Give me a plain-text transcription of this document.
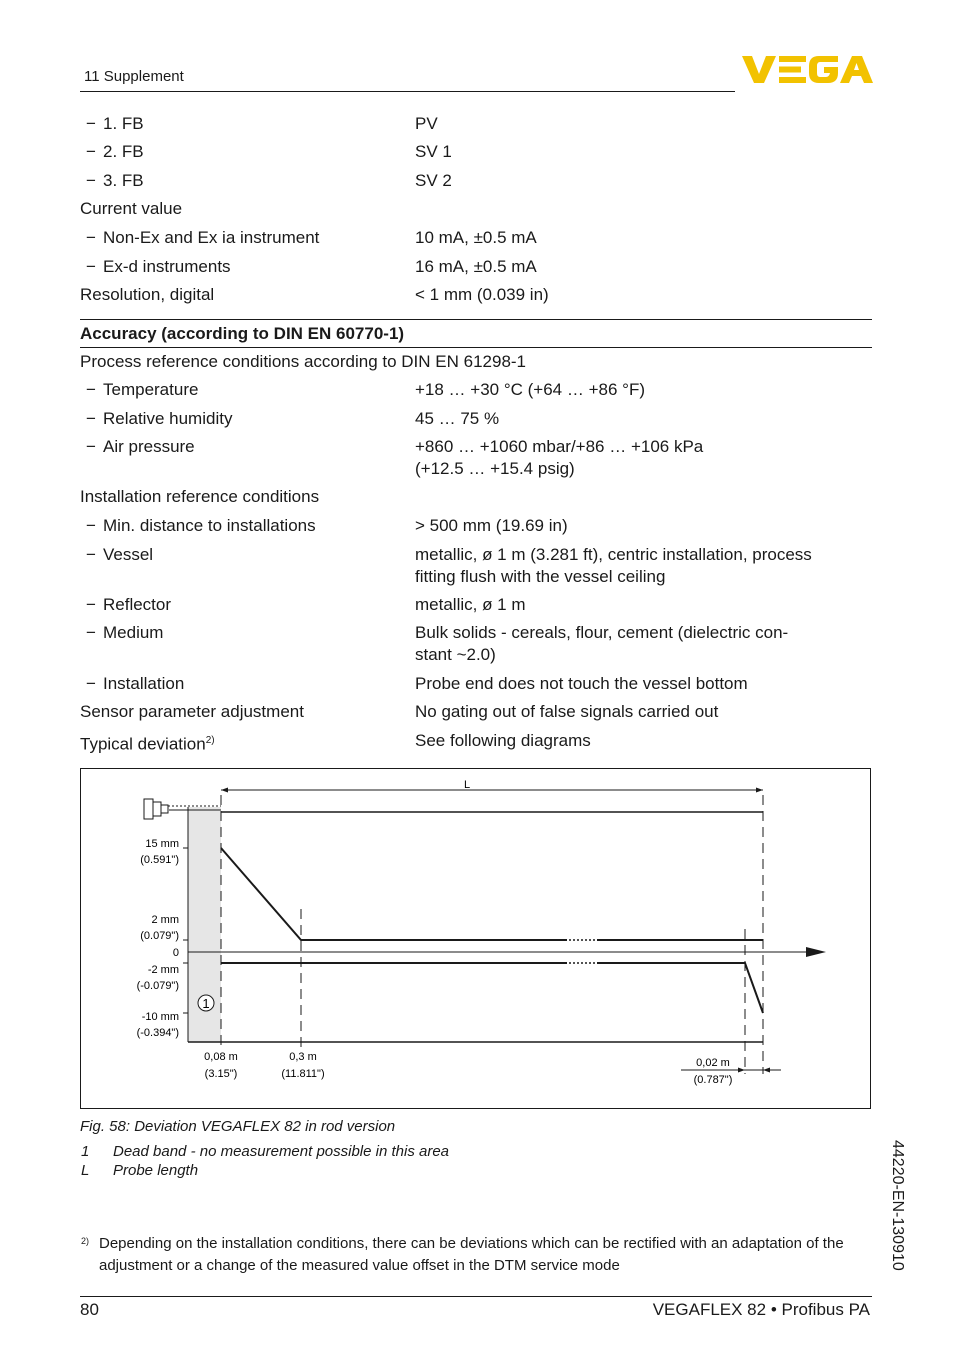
11 Supplement
− 1. FB	PV
− 2. FB	SV 1
− 3. FB	SV 2
Current value
− Non-Ex and Ex ia instrument	10 mA, ±0.5 mA
− Ex-d instruments	16 mA, ±0.5 mA
Resolution, digital	< 1 mm (0.039 in)
Accuracy (according to DIN EN 60770-1)
Process reference conditions according to DIN EN 61298-1
− Temperature	+18 … +30 °C (+64 … +86 °F)
− Relative humidity	45 … 75 %
− Air pressure	+860 … +1060 mbar/+86 … +106 kPa
(+12.5 … +15.4 psig)
Installation reference conditions
− Min. distance to installations	> 500 mm (19.69 in)
− Vessel	metallic, ø 1 m (3.281 ft), centric installation, process
fitting flush with the vessel ceiling
− Reflector	metallic, ø 1 m
− Medium	Bulk solids - cereals, flour, cement (dielectric con-
stant ~2.0)
− Installation	Probe end does not touch the vessel bottom
Sensor parameter adjustment	No gating out of false signals carried out
Typical deviation$^{2)}$	See following diagrams
L
15 mm
(0.591")
2 mm
(0.079")
0
-2 mm
(-0.079")
-10 mm
(-0.394")
1
0,08 m
(3.15")
0,3 m
(11.811")
0,02 m
(0.787")
Fig. 58: Deviation VEGAFLEX 82 in rod version
1 Dead band - no measurement possible in this area
L Probe length	44220-EN-130910
2) Depending on the installation conditions, there can be deviations which can be rectified with an adaptation of the adjustment or a change of the measured value offset in the DTM service mode
80	VEGAFLEX 82 • Profibus PA
